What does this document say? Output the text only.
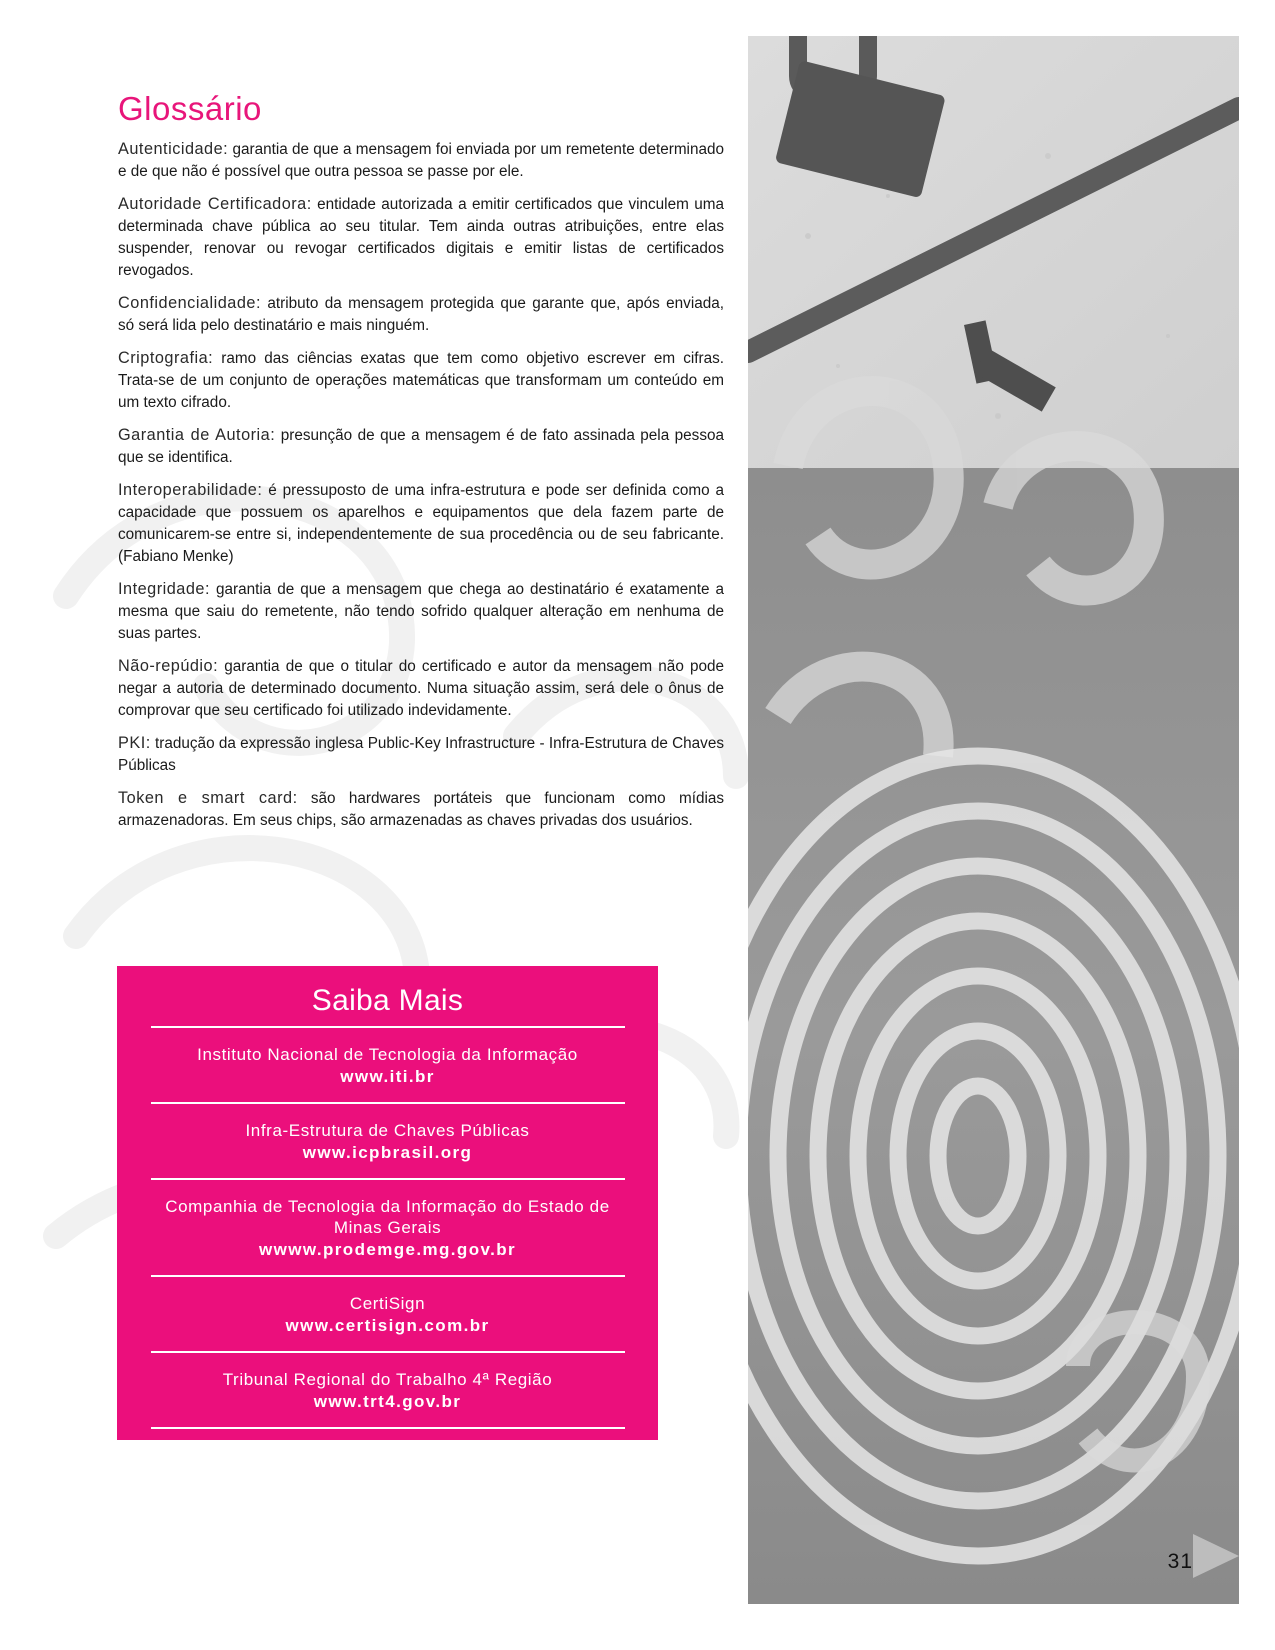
Glossário

Autenticidade: garantia de que a mensagem foi enviada por um remetente determinado e de que não é possível que outra pessoa se passe por ele.

Autoridade Certificadora: entidade autorizada a emitir certificados que vinculem uma determinada chave pública ao seu titular. Tem ainda outras atribuições, entre elas suspender, renovar ou revogar certificados digitais e emitir listas de certificados revogados.

Confidencialidade: atributo da mensagem protegida que garante que, após enviada, só será lida pelo destinatário e mais ninguém.

Criptografia: ramo das ciências exatas que tem como objetivo escrever em cifras. Trata-se de um conjunto de operações matemáticas que transformam um conteúdo em um texto cifrado.

Garantia de Autoria: presunção de que a mensagem é de fato assinada pela pessoa que se identifica.

Interoperabilidade: é pressuposto de uma infra-estrutura e pode ser definida como a capacidade que possuem os aparelhos e equipamentos que dela fazem parte de comunicarem-se entre si, independentemente de sua procedência ou de seu fabricante. (Fabiano Menke)

Integridade: garantia de que a mensagem que chega ao destinatário é exatamente a mesma que saiu do remetente, não tendo sofrido qualquer alteração em nenhuma de suas partes.

Não-repúdio: garantia de que o titular do certificado e autor da mensagem não pode negar a autoria de determinado documento. Numa situação assim, será dele o ônus de comprovar que seu certificado foi utilizado indevidamente.

PKI: tradução da expressão inglesa Public-Key Infrastructure - Infra-Estrutura de Chaves Públicas

Token e smart card: são hardwares portáteis que funcionam como mídias armazenadoras. Em seus chips, são armazenadas as chaves privadas dos usuários.

Saiba Mais
Instituto Nacional de Tecnologia da Informação
www.iti.br
Infra-Estrutura de Chaves Públicas
www.icpbrasil.org
Companhia de Tecnologia da Informação do Estado de Minas Gerais
wwww.prodemge.mg.gov.br
CertiSign
www.certisign.com.br
Tribunal Regional do Trabalho 4ª Região
www.trt4.gov.br
Módulo Security
www.modulo.com.br
31
